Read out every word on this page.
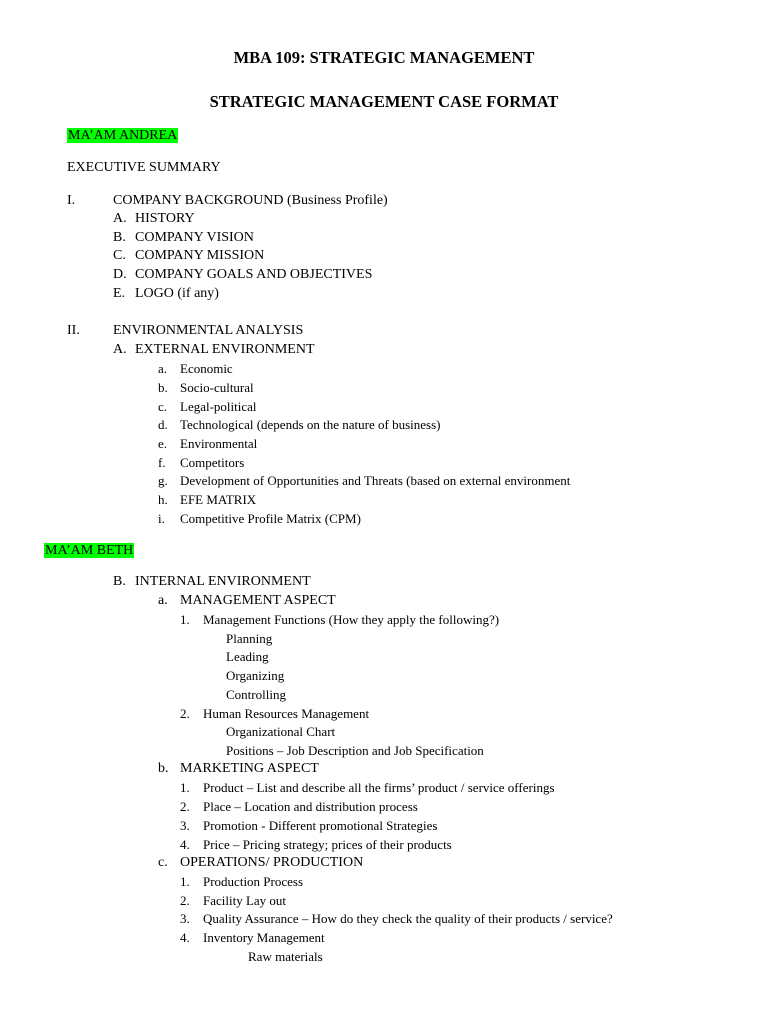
MBA 109: STRATEGIC MANAGEMENT
STRATEGIC MANAGEMENT CASE FORMAT
MA’AM ANDREA
EXECUTIVE SUMMARY
I.	COMPANY BACKGROUND (Business Profile)
A. HISTORY
B. COMPANY VISION
C. COMPANY MISSION
D. COMPANY GOALS AND OBJECTIVES
E. LOGO (if any)
II. ENVIRONMENTAL ANALYSIS
A. EXTERNAL ENVIRONMENT
a. Economic
b. Socio-cultural
c. Legal-political
d. Technological (depends on the nature of business)
e. Environmental
f. Competitors
g. Development of Opportunities and Threats (based on external environment
h. EFE MATRIX
i. Competitive Profile Matrix (CPM)
MA’AM BETH
B. INTERNAL ENVIRONMENT
a. MANAGEMENT ASPECT
1. Management Functions (How they apply the following?)
Planning
Leading
Organizing
Controlling
2. Human Resources Management
Organizational Chart
Positions – Job Description and Job Specification
b. MARKETING ASPECT
1. Product – List and describe all the firms’ product / service offerings
2. Place – Location and distribution process
3. Promotion - Different promotional Strategies
4. Price – Pricing strategy; prices of their products
c. OPERATIONS/ PRODUCTION
1. Production Process
2. Facility Lay out
3. Quality Assurance – How do they check the quality of their products / service?
4. Inventory Management
Raw materials
